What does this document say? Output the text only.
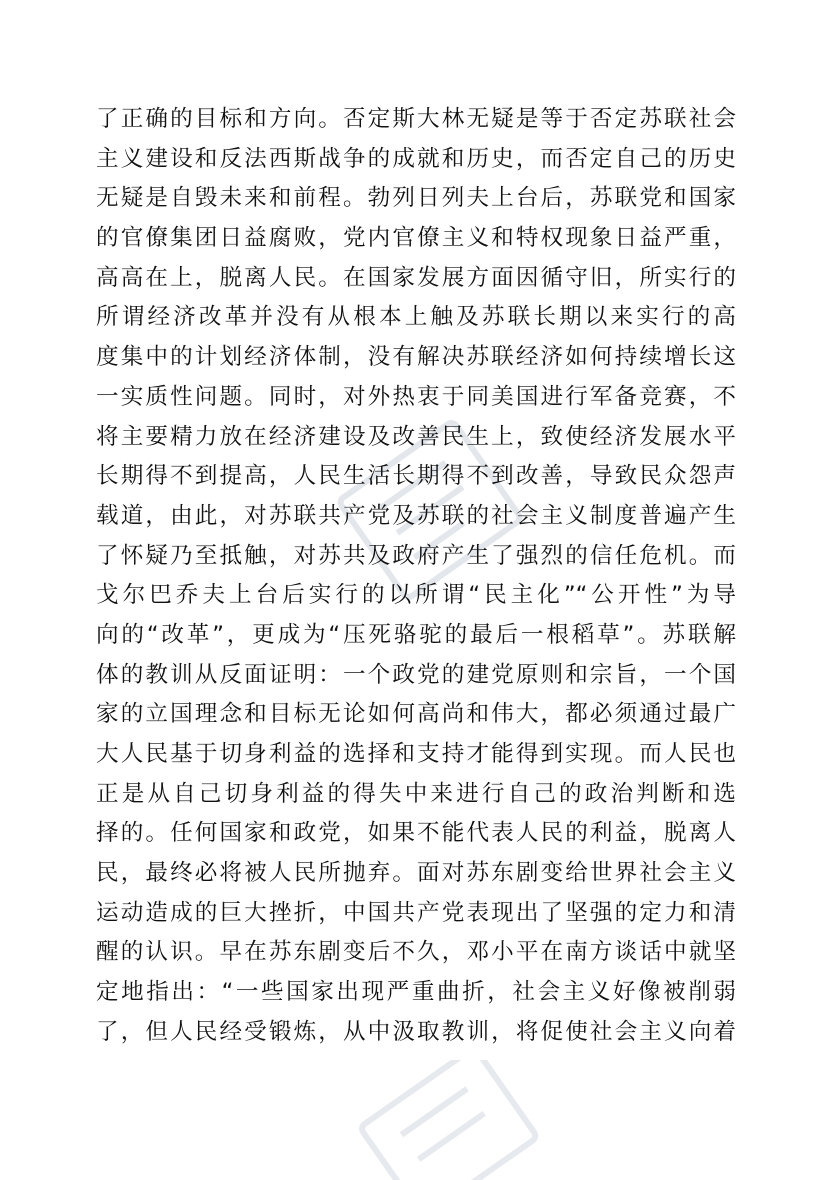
了正确的目标和方向。否定斯大林无疑是等于否定苏联社会
主义建设和反法西斯战争的成就和历史，而否定自己的历史
无疑是自毁未来和前程。勃列日列夫上台后，苏联党和国家
的官僚集团日益腐败，党内官僚主义和特权现象日益严重，
高高在上，脱离人民。在国家发展方面因循守旧，所实行的
所谓经济改革并没有从根本上触及苏联长期以来实行的高
度集中的计划经济体制，没有解决苏联经济如何持续增长这
一实质性问题。同时，对外热衷于同美国进行军备竞赛，不
将主要精力放在经济建设及改善民生上，致使经济发展水平
长期得不到提高，人民生活长期得不到改善，导致民众怨声
载道，由此，对苏联共产党及苏联的社会主义制度普遍产生
了怀疑乃至抵触，对苏共及政府产生了强烈的信任危机。而
戈尔巴乔夫上台后实行的以所谓“民主化”“公开性”为导
向的“改革”，更成为“压死骆驼的最后一根稻草”。苏联解
体的教训从反面证明：一个政党的建党原则和宗旨，一个国
家的立国理念和目标无论如何高尚和伟大，都必须通过最广
大人民基于切身利益的选择和支持才能得到实现。而人民也
正是从自己切身利益的得失中来进行自己的政治判断和选
择的。任何国家和政党，如果不能代表人民的利益，脱离人
民，最终必将被人民所抛弃。面对苏东剧变给世界社会主义
运动造成的巨大挫折，中国共产党表现出了坚强的定力和清
醒的认识。早在苏东剧变后不久，邓小平在南方谈话中就坚
定地指出：“一些国家出现严重曲折，社会主义好像被削弱
了，但人民经受锻炼，从中汲取教训，将促使社会主义向着
